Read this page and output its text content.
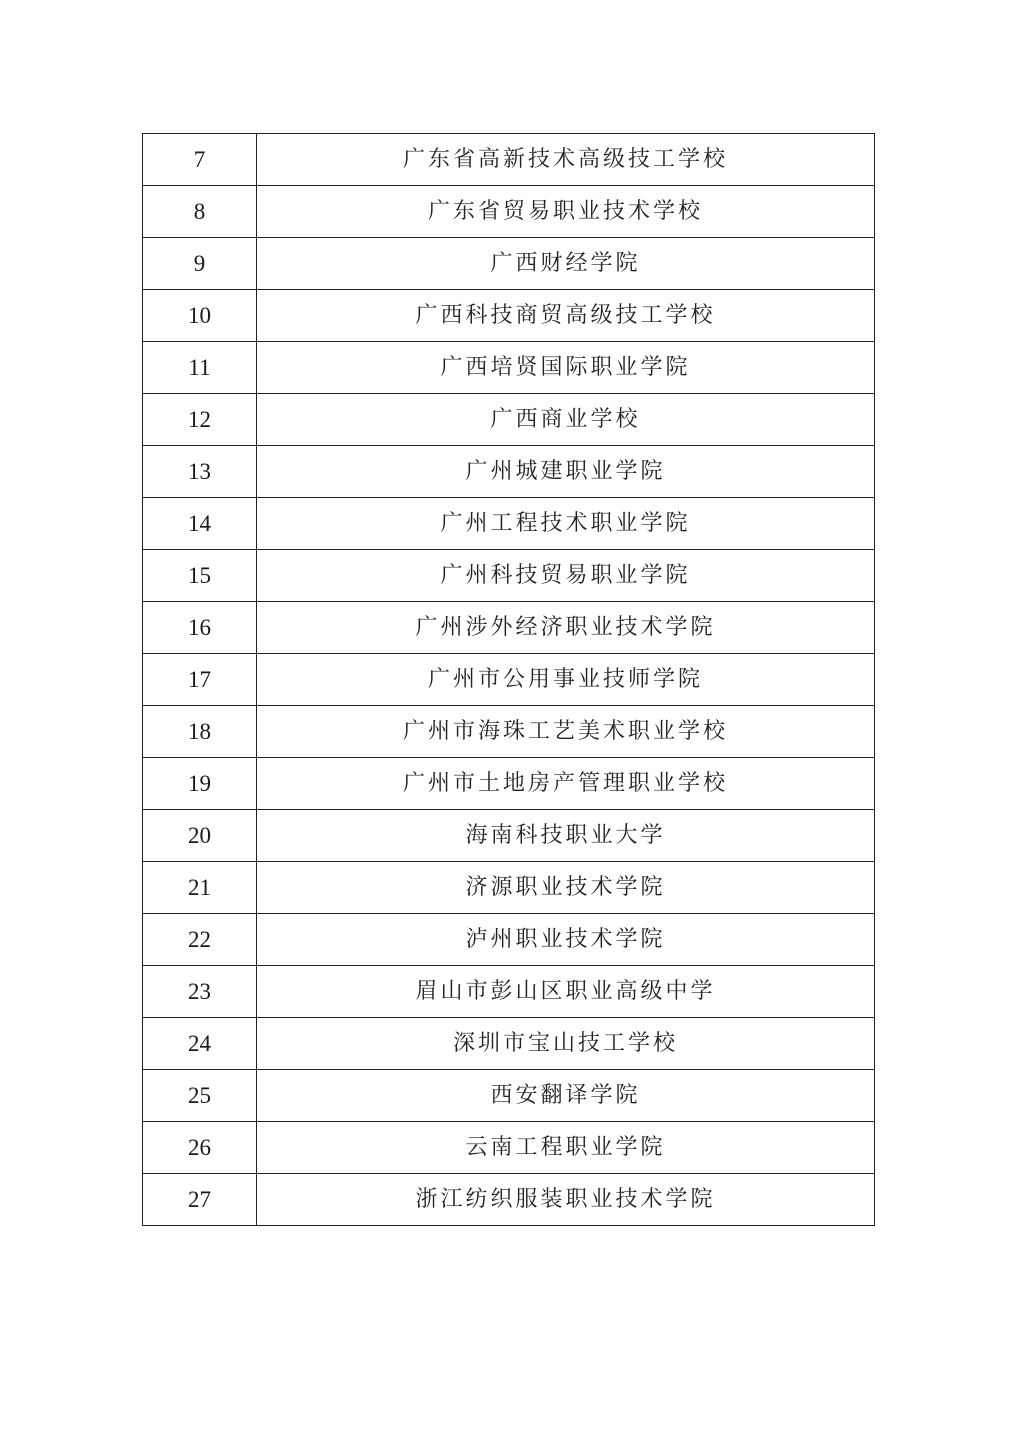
7	广东省高新技术高级技工学校
8	广东省贸易职业技术学校
9	广西财经学院
10	广西科技商贸高级技工学校
11	广西培贤国际职业学院
12	广西商业学校
13	广州城建职业学院
14	广州工程技术职业学院
15	广州科技贸易职业学院
16	广州涉外经济职业技术学院
17	广州市公用事业技师学院
18	广州市海珠工艺美术职业学校
19	广州市土地房产管理职业学校
20	海南科技职业大学
21	济源职业技术学院
22	泸州职业技术学院
23	眉山市彭山区职业高级中学
24	深圳市宝山技工学校
25	西安翻译学院
26	云南工程职业学院
27	浙江纺织服装职业技术学院
